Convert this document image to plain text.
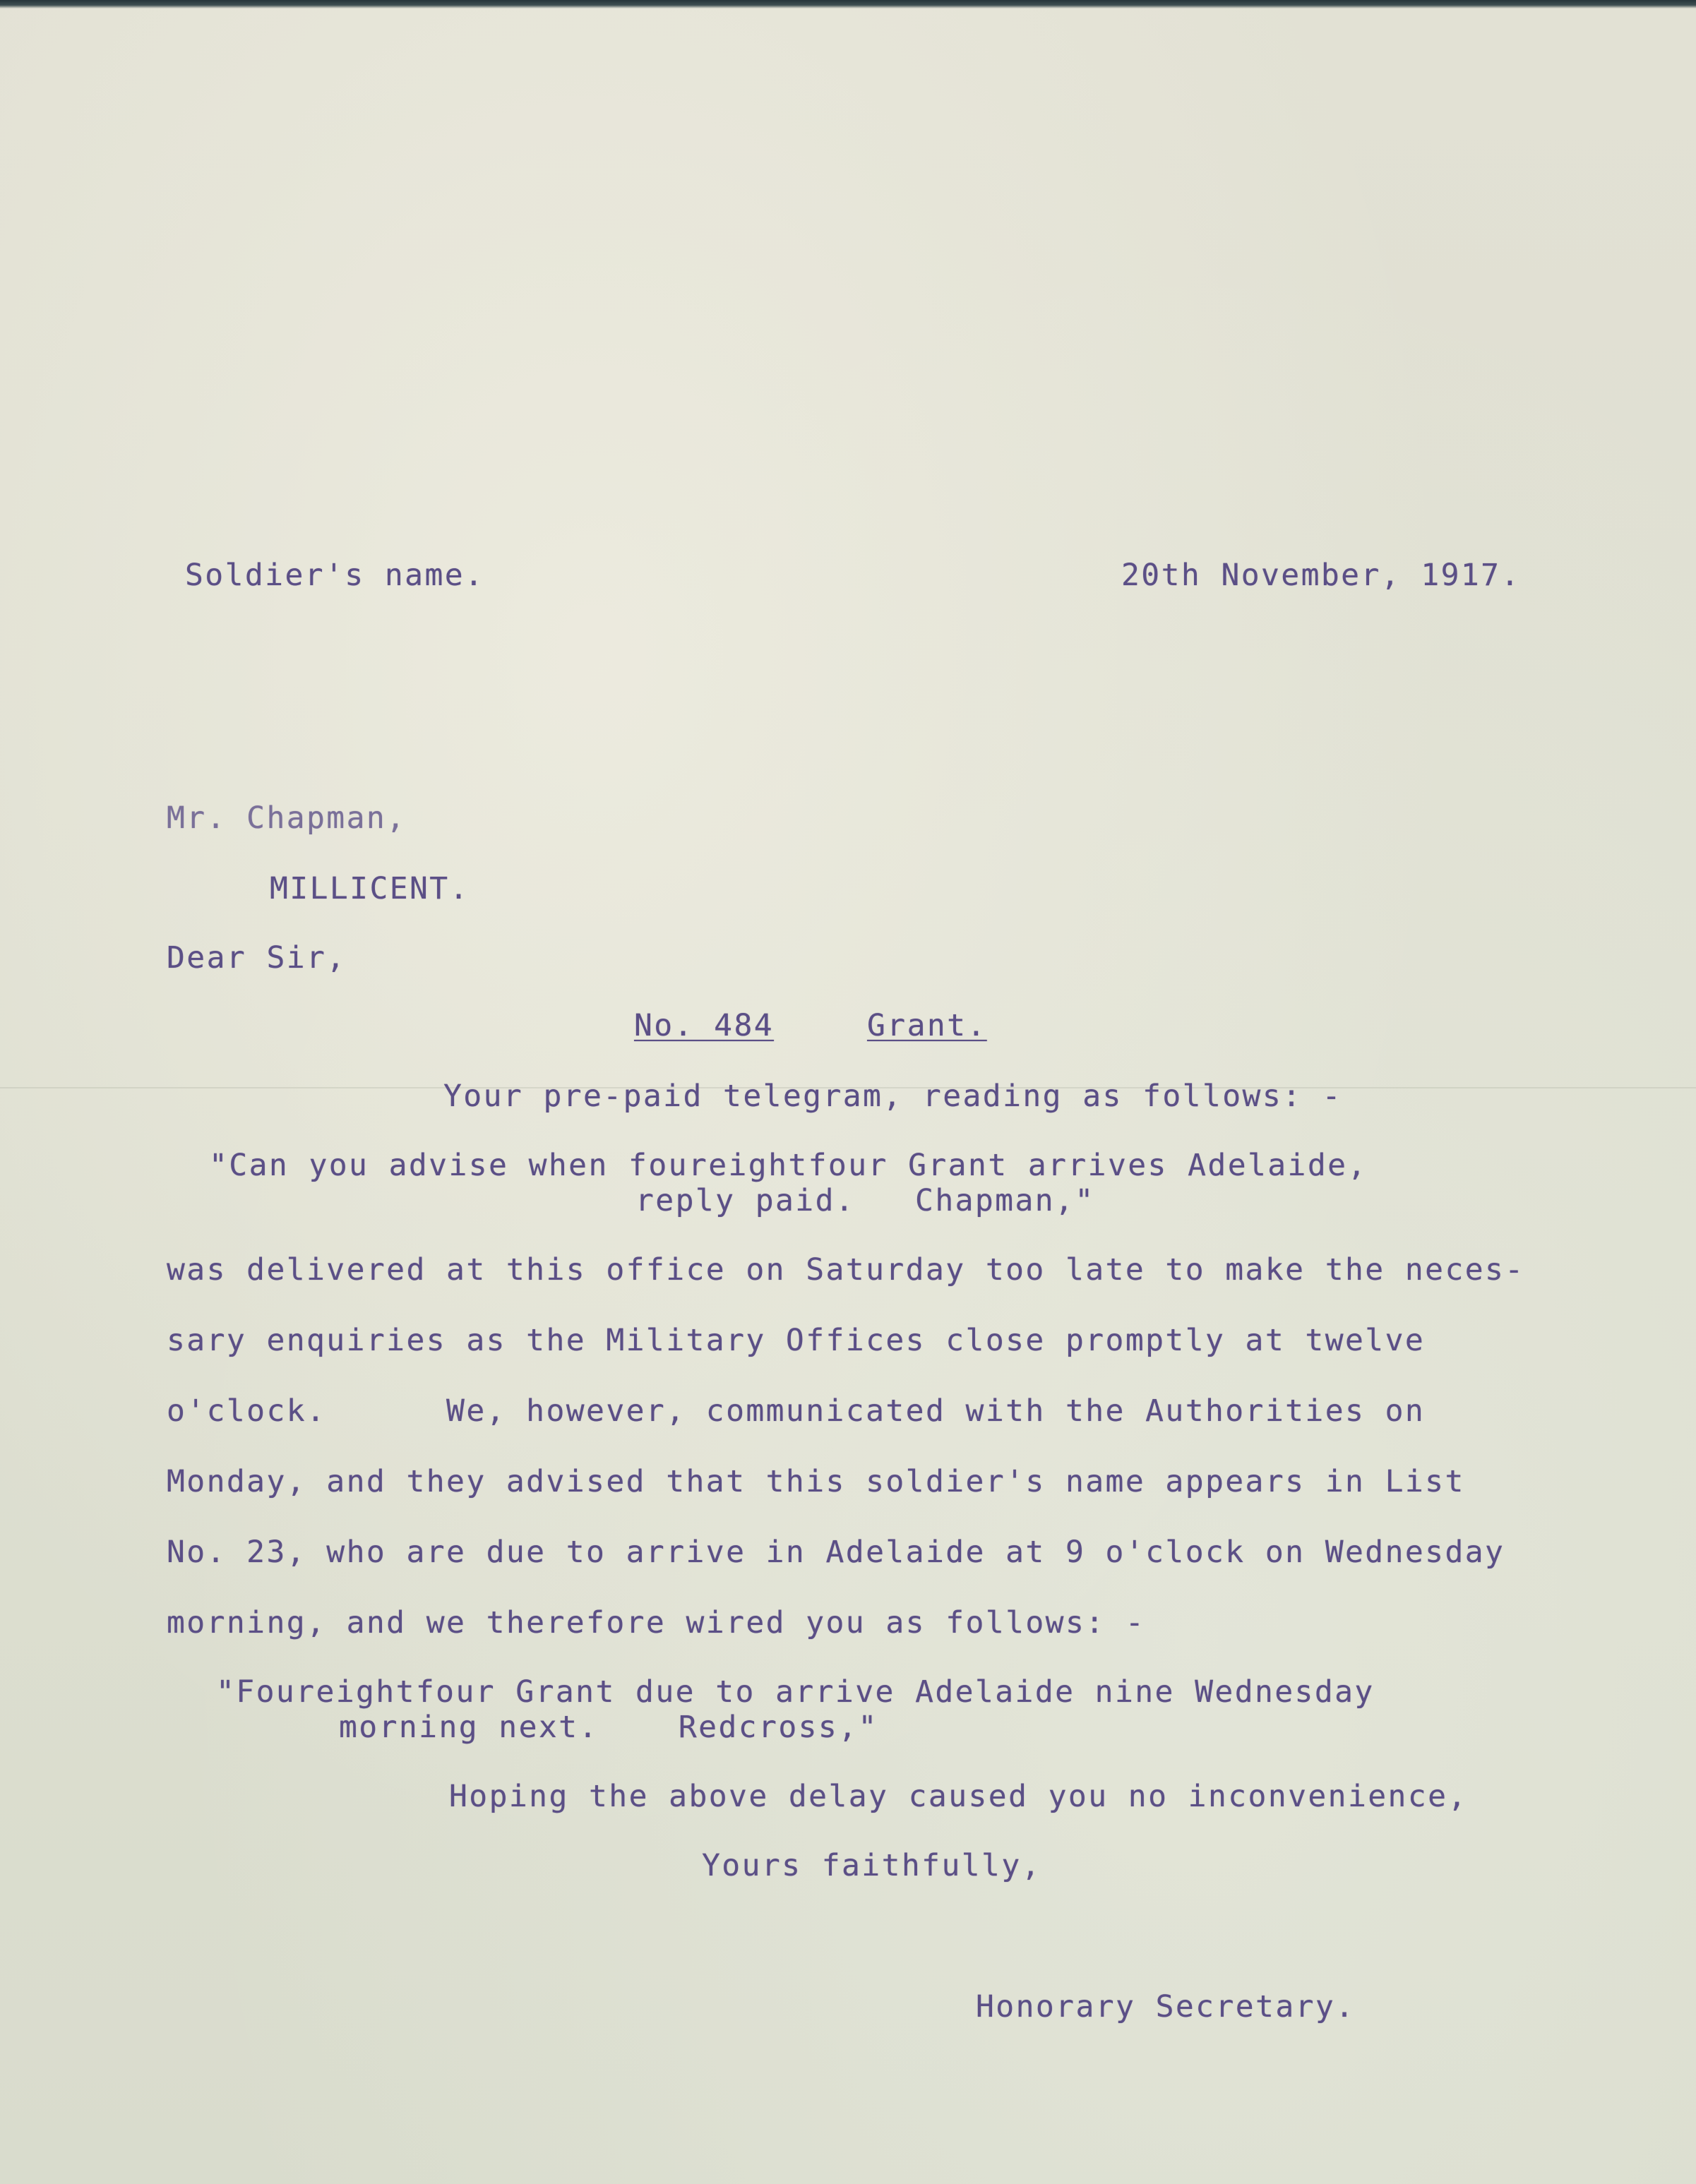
Soldier's name.	20th November, 1917.
Mr. Chapman,
MILLICENT.
Dear Sir,
No. 484	Grant.
Your pre-paid telegram, reading as follows: -
"Can you advise when foureightfour Grant arrives Adelaide,
reply paid.   Chapman,"
was delivered at this office on Saturday too late to make the neces-
sary enquiries as the Military Offices close promptly at twelve
o'clock.      We, however, communicated with the Authorities on
Monday, and they advised that this soldier's name appears in List
No. 23, who are due to arrive in Adelaide at 9 o'clock on Wednesday
morning, and we therefore wired you as follows: -
"Foureightfour Grant due to arrive Adelaide nine Wednesday
morning next.    Redcross,"
Hoping the above delay caused you no inconvenience,
Yours faithfully,
Honorary Secretary.
